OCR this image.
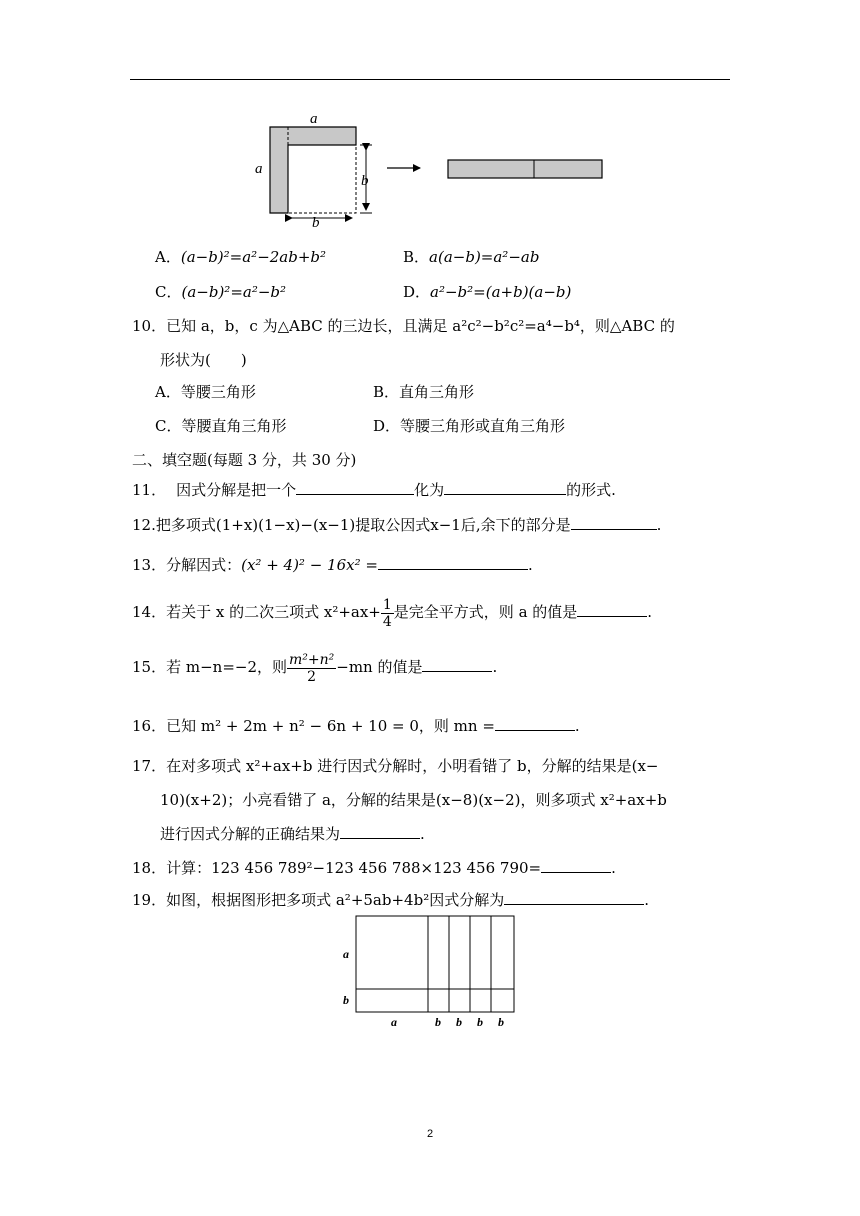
a
a
b
b
A．(a−b)²=a²−2ab+b²	B．a(a−b)=a²−ab
C．(a−b)²=a²−b²	D．a²−b²=(a+b)(a−b)
10．已知 a，b，c 为△ABC 的三边长，且满足 a²c²−b²c²=a⁴−b⁴，则△ABC 的
形状为(　　)
A．等腰三角形	B．直角三角形
C．等腰直角三角形	D．等腰三角形或直角三角形
二、填空题(每题 3 分，共 30 分)
11． 因式分解是把一个	化为	的形式.
12.把多项式(1+x)(1−x)−(x−1)提取公因式x−1后,余下的部分是	.
13．分解因式：(x² + 4)² − 16x² =	.
14．若关于 x 的二次三项式 $x^2+ax+ \frac{1}{4}$ 是完全平方式，则 a 的值是	.
15．若 m−n=−2，则 $\frac{\text{m²+n²}}{2} -mn$ 的值是	.
16．已知 m² + 2m + n² − 6n + 10 = 0，则 mn =	.
17．在对多项式 x²+ax+b 进行因式分解时，小明看错了 b，分解的结果是(x−
10)(x+2)；小亮看错了 a，分解的结果是(x−8)(x−2)，则多项式 x²+ax+b
进行因式分解的正确结果为	.
18．计算：123 456 789²−123 456 788×123 456 790=	.
19．如图，根据图形把多项式 a²+5ab+4b²因式分解为	.
a
b
a	b b b b
2
